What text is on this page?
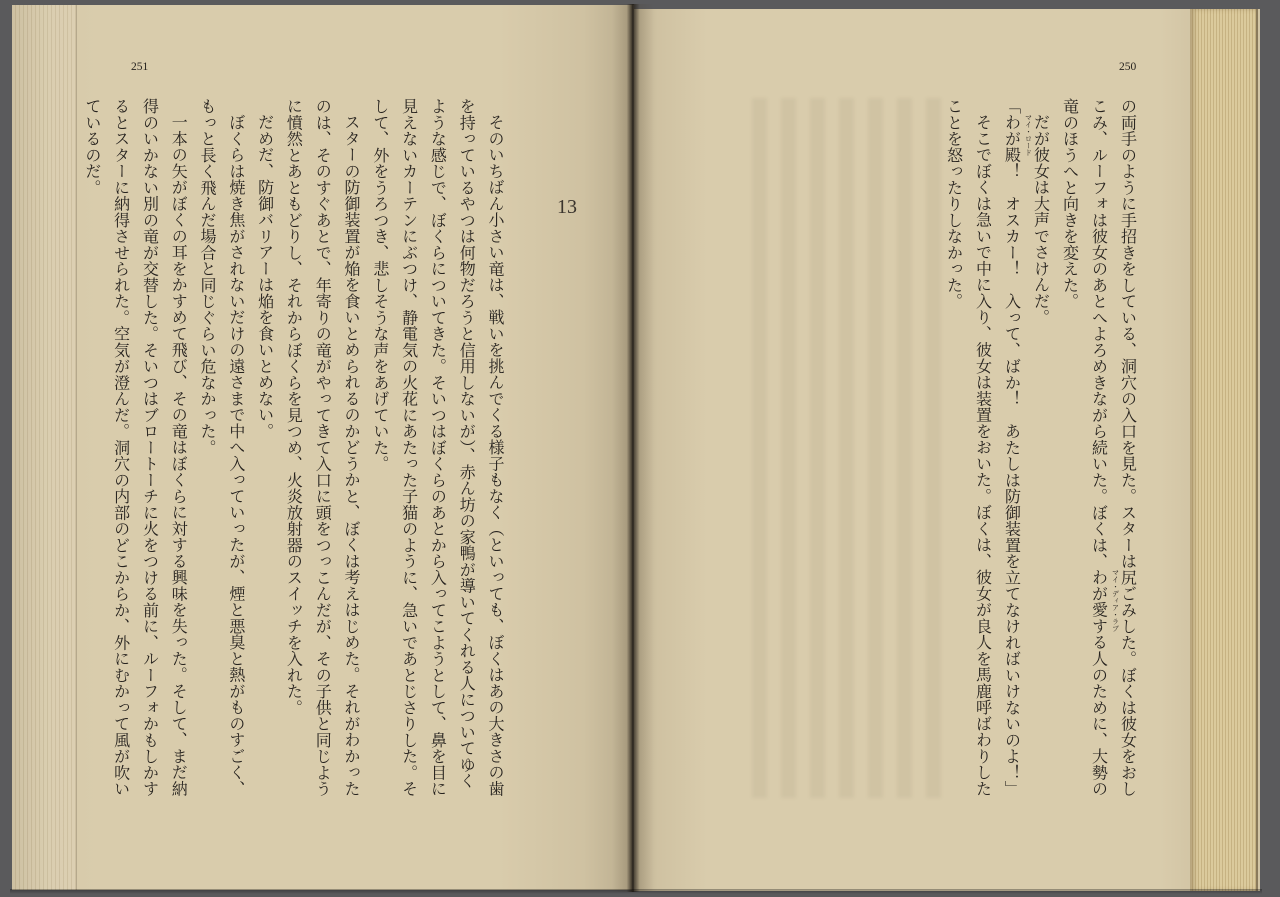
251
13
そのいちばん小さい竜は、戦いを挑んでくる様子もなく（といっても、ぼくはあの大きさの歯
を持っているやつは何物だろうと信用しないが）、赤ん坊の家鴨が導いてくれる人についてゆく
ような感じで、ぼくらについてきた。そいつはぼくらのあとから入ってこようとして、鼻を目に
見えないカーテンにぶつけ、静電気の火花にあたった子猫のように、急いであとじさりした。そ
して、外をうろつき、悲しそうな声をあげていた。
スターの防御装置が焔を食いとめられるのかどうかと、ぼくは考えはじめた。それがわかった
のは、そのすぐあとで、年寄りの竜がやってきて入口に頭をつっこんだが、その子供と同じよう
に憤然とあともどりし、それからぼくらを見つめ、火炎放射器のスイッチを入れた。
だめだ、防御バリアーは焔を食いとめない。
ぼくらは焼き焦がされないだけの遠さまで中へ入っていったが、煙と悪臭と熱がものすごく、
もっと長く飛んだ場合と同じぐらい危なかった。
一本の矢がぼくの耳をかすめて飛び、その竜はぼくらに対する興味を失った。そして、まだ納
得のいかない別の竜が交替した。そいつはブロートーチに火をつける前に、ルーフォかもしかす
るとスターに納得させられた。空気が澄んだ。洞穴の内部のどこからか、外にむかって風が吹い
ているのだ。
250
の両手のように手招きをしている、洞穴の入口を見た。スターは尻ごみした。ぼくは彼女をおし
こみ、ルーフォは彼女のあとへよろめきながら続いた。ぼくは、わが愛する人 マイ・ディア・ラブ
のために、大勢の
竜のほうへと向きを変えた。
だが彼女は大声でさけんだ。
「わが殿 マイ・ロード
！　オスカー！　入って、ばか！　あたしは防御装置を立てなければいけないのよ！」
そこでぼくは急いで中に入り、彼女は装置をおいた。ぼくは、彼女が良人を馬鹿呼ばわりした
ことを怒ったりしなかった。
